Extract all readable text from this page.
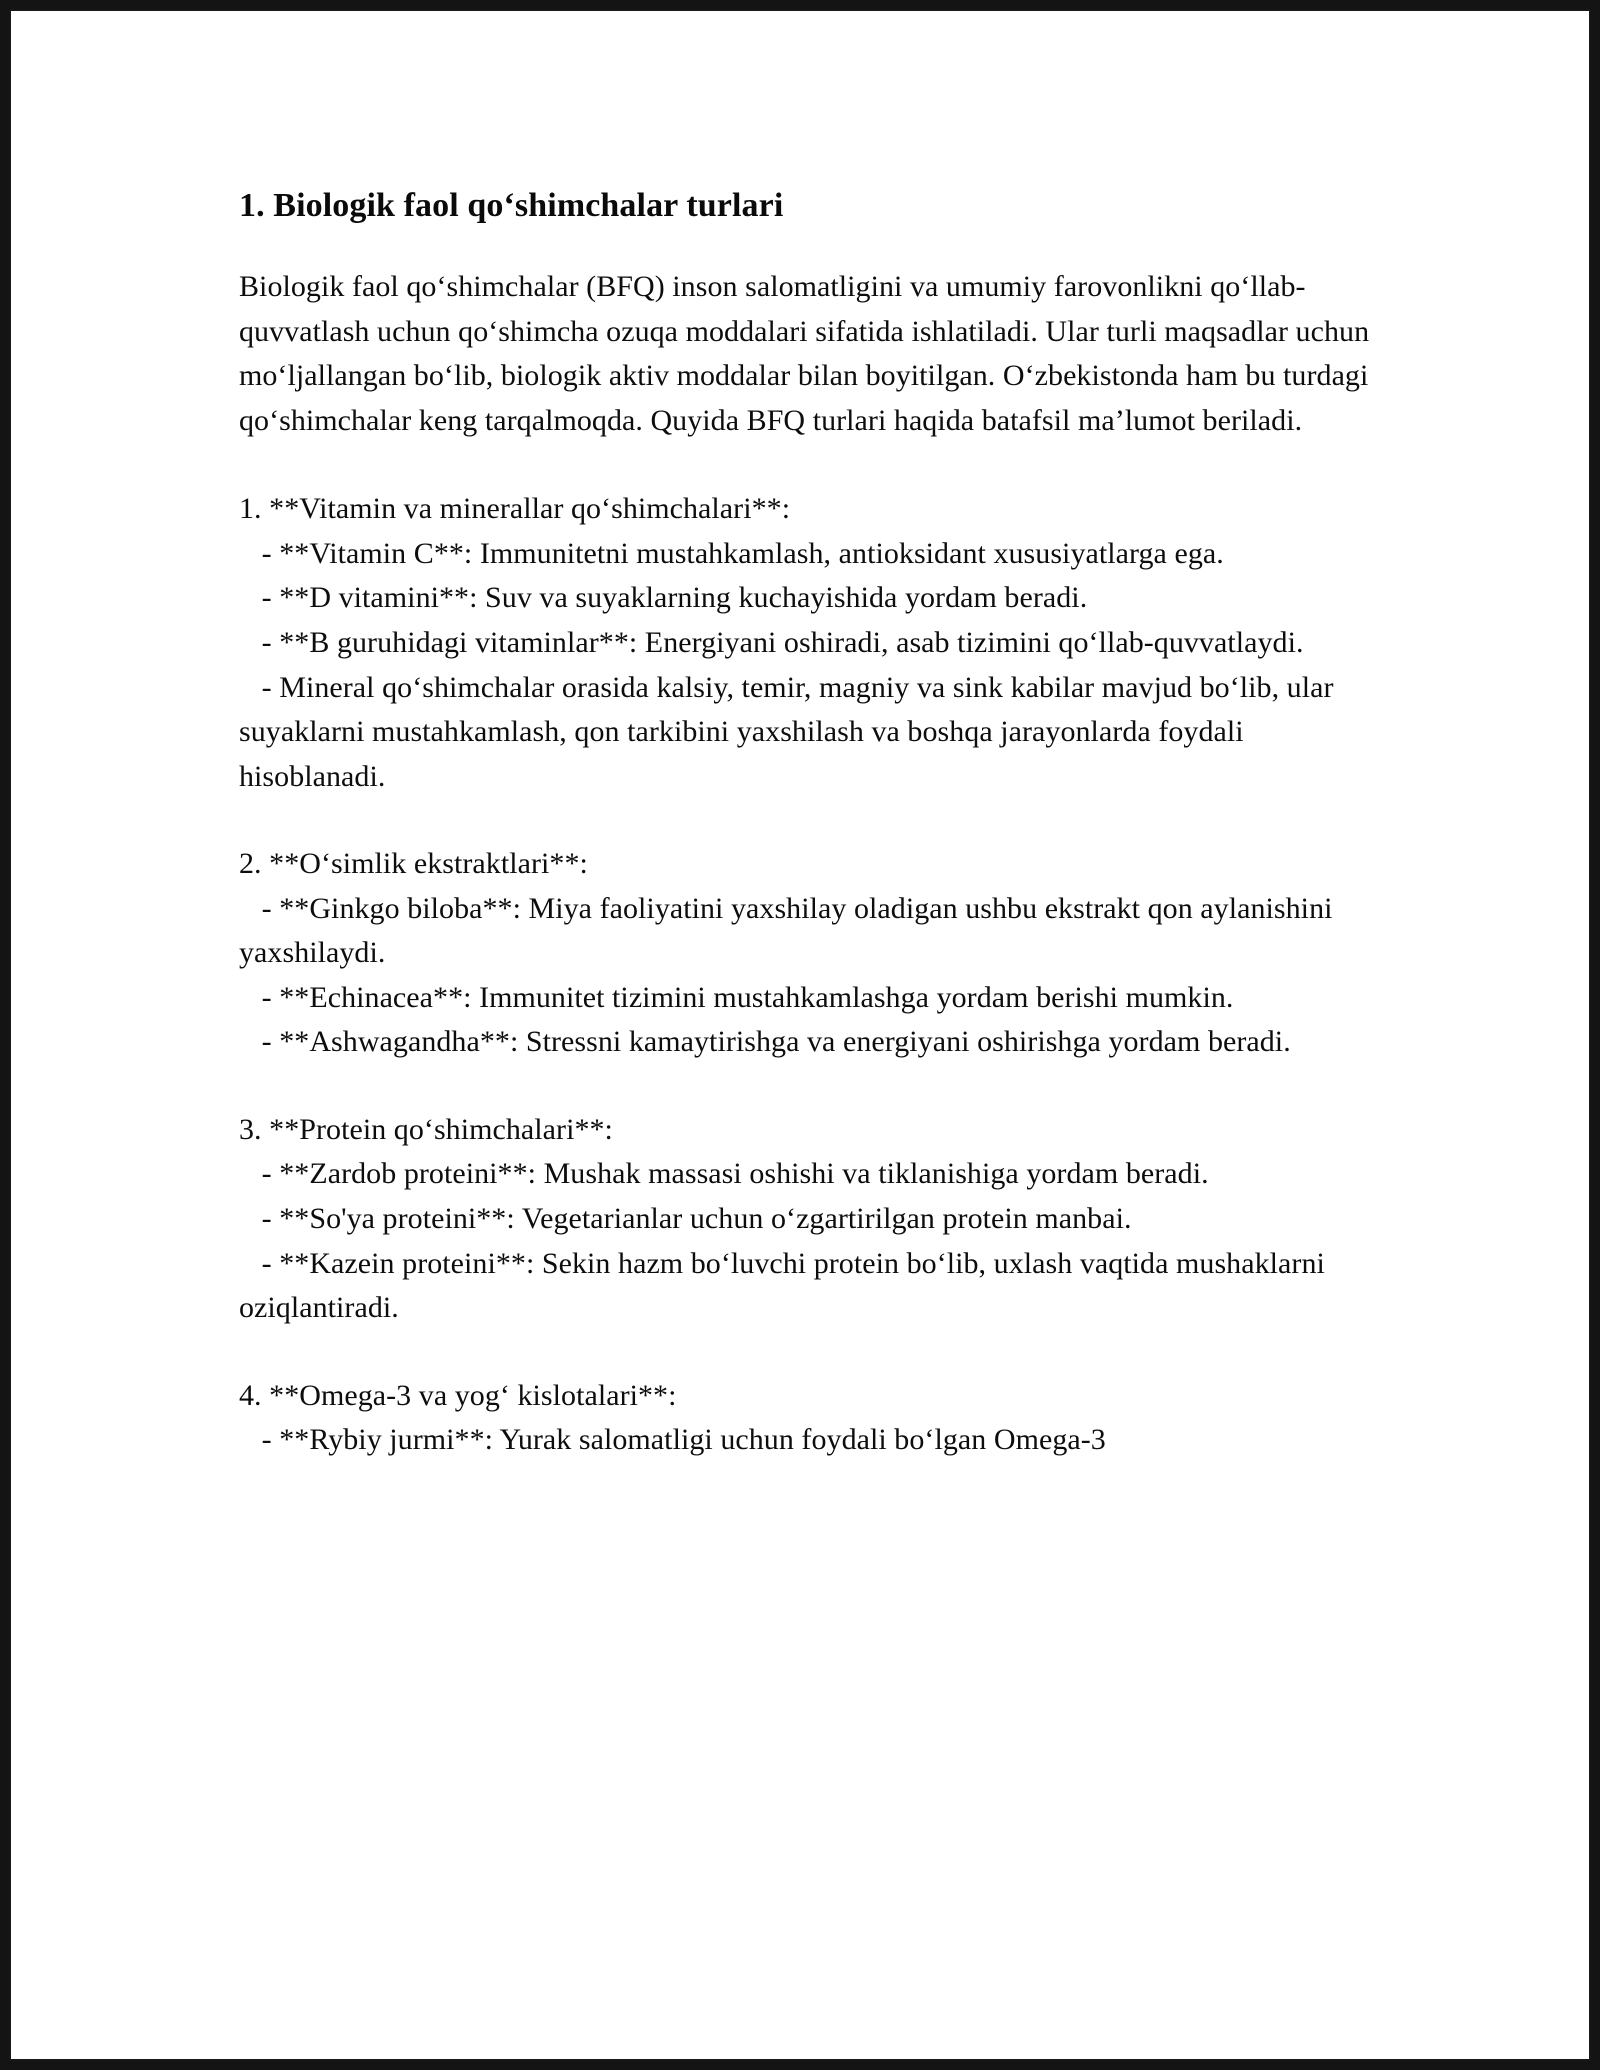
1. Biologik faol qo‘shimchalar turlari

Biologik faol qo‘shimchalar (BFQ) inson salomatligini va umumiy farovonlikni qo‘llab-quvvatlash uchun qo‘shimcha ozuqa moddalari sifatida ishlatiladi. Ular turli maqsadlar uchun mo‘ljallangan bo‘lib, biologik aktiv moddalar bilan boyitilgan. O‘zbekistonda ham bu turdagi qo‘shimchalar keng tarqalmoqda. Quyida BFQ turlari haqida batafsil ma’lumot beriladi.

1. **Vitamin va minerallar qo‘shimchalari**:

- **Vitamin C**: Immunitetni mustahkamlash, antioksidant xususiyatlarga ega.

- **D vitamini**: Suv va suyaklarning kuchayishida yordam beradi.

- **B guruhidagi vitaminlar**: Energiyani oshiradi, asab tizimini qo‘llab-quvvatlaydi.

- Mineral qo‘shimchalar orasida kalsiy, temir, magniy va sink kabilar mavjud bo‘lib, ular suyaklarni mustahkamlash, qon tarkibini yaxshilash va boshqa jarayonlarda foydali hisoblanadi.

2. **O‘simlik ekstraktlari**:

- **Ginkgo biloba**: Miya faoliyatini yaxshilay oladigan ushbu ekstrakt qon aylanishini yaxshilaydi.

- **Echinacea**: Immunitet tizimini mustahkamlashga yordam berishi mumkin.

- **Ashwagandha**: Stressni kamaytirishga va energiyani oshirishga yordam beradi.

3. **Protein qo‘shimchalari**:

- **Zardob proteini**: Mushak massasi oshishi va tiklanishiga yordam beradi.

- **So'ya proteini**: Vegetarianlar uchun o‘zgartirilgan protein manbai.

- **Kazein proteini**: Sekin hazm bo‘luvchi protein bo‘lib, uxlash vaqtida mushaklarni oziqlantiradi.

4. **Omega-3 va yog‘ kislotalari**:

- **Rybiy jurmi**: Yurak salomatligi uchun foydali bo‘lgan Omega-3
